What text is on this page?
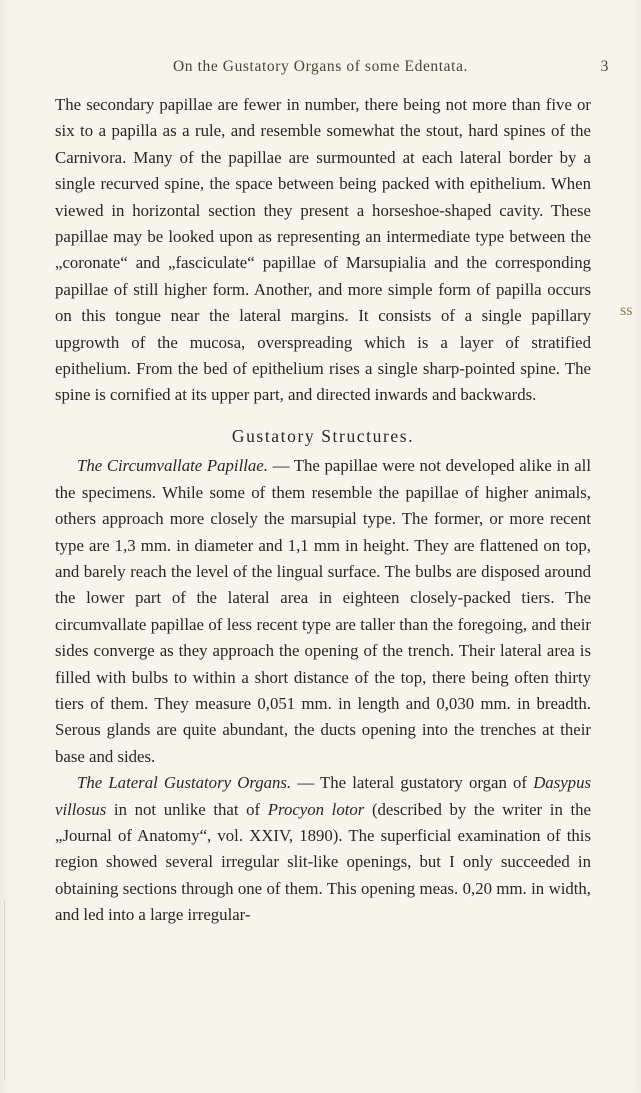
On the Gustatory Organs of some Edentata.	3

The secondary papillae are fewer in number, there being not more than five or six to a papilla as a rule, and resemble somewhat the stout, hard spines of the Carnivora. Many of the papillae are surmounted at each lateral border by a single recurved spine, the space between being packed with epithelium. When viewed in horizontal section they present a horseshoe-shaped cavity. These papillae may be looked upon as representing an intermediate type between the „coronate“ and „fasciculate“ papillae of Marsupialia and the corresponding papillae of still higher form. Another, and more simple form of papilla occurs on this tongue near the lateral margins. It consists of a single papillary upgrowth of the mucosa, overspreading which is a layer of stratified epithelium. From the bed of epithelium rises a single sharp-pointed spine. The spine is cornified at its upper part, and directed inwards and backwards.

Gustatory Structures.

The Circumvallate Papillae. — The papillae were not developed alike in all the specimens. While some of them resemble the papillae of higher animals, others approach more closely the marsupial type. The former, or more recent type are 1,3 mm. in diameter and 1,1 mm in height. They are flattened on top, and barely reach the level of the lingual surface. The bulbs are disposed around the lower part of the lateral area in eighteen closely-packed tiers. The circumvallate papillae of less recent type are taller than the foregoing, and their sides converge as they approach the opening of the trench. Their lateral area is filled with bulbs to within a short distance of the top, there being often thirty tiers of them. They measure 0,051 mm. in length and 0,030 mm. in breadth. Serous glands are quite abundant, the ducts opening into the trenches at their base and sides.

The Lateral Gustatory Organs. — The lateral gustatory organ of Dasypus villosus in not unlike that of Procyon lotor (described by the writer in the „Journal of Anatomy“, vol. XXIV, 1890). The superficial examination of this region showed several irregular slit-like openings, but I only succeeded in obtaining sections through one of them. This opening meas. 0,20 mm. in width, and led into a large irregular-

ss
